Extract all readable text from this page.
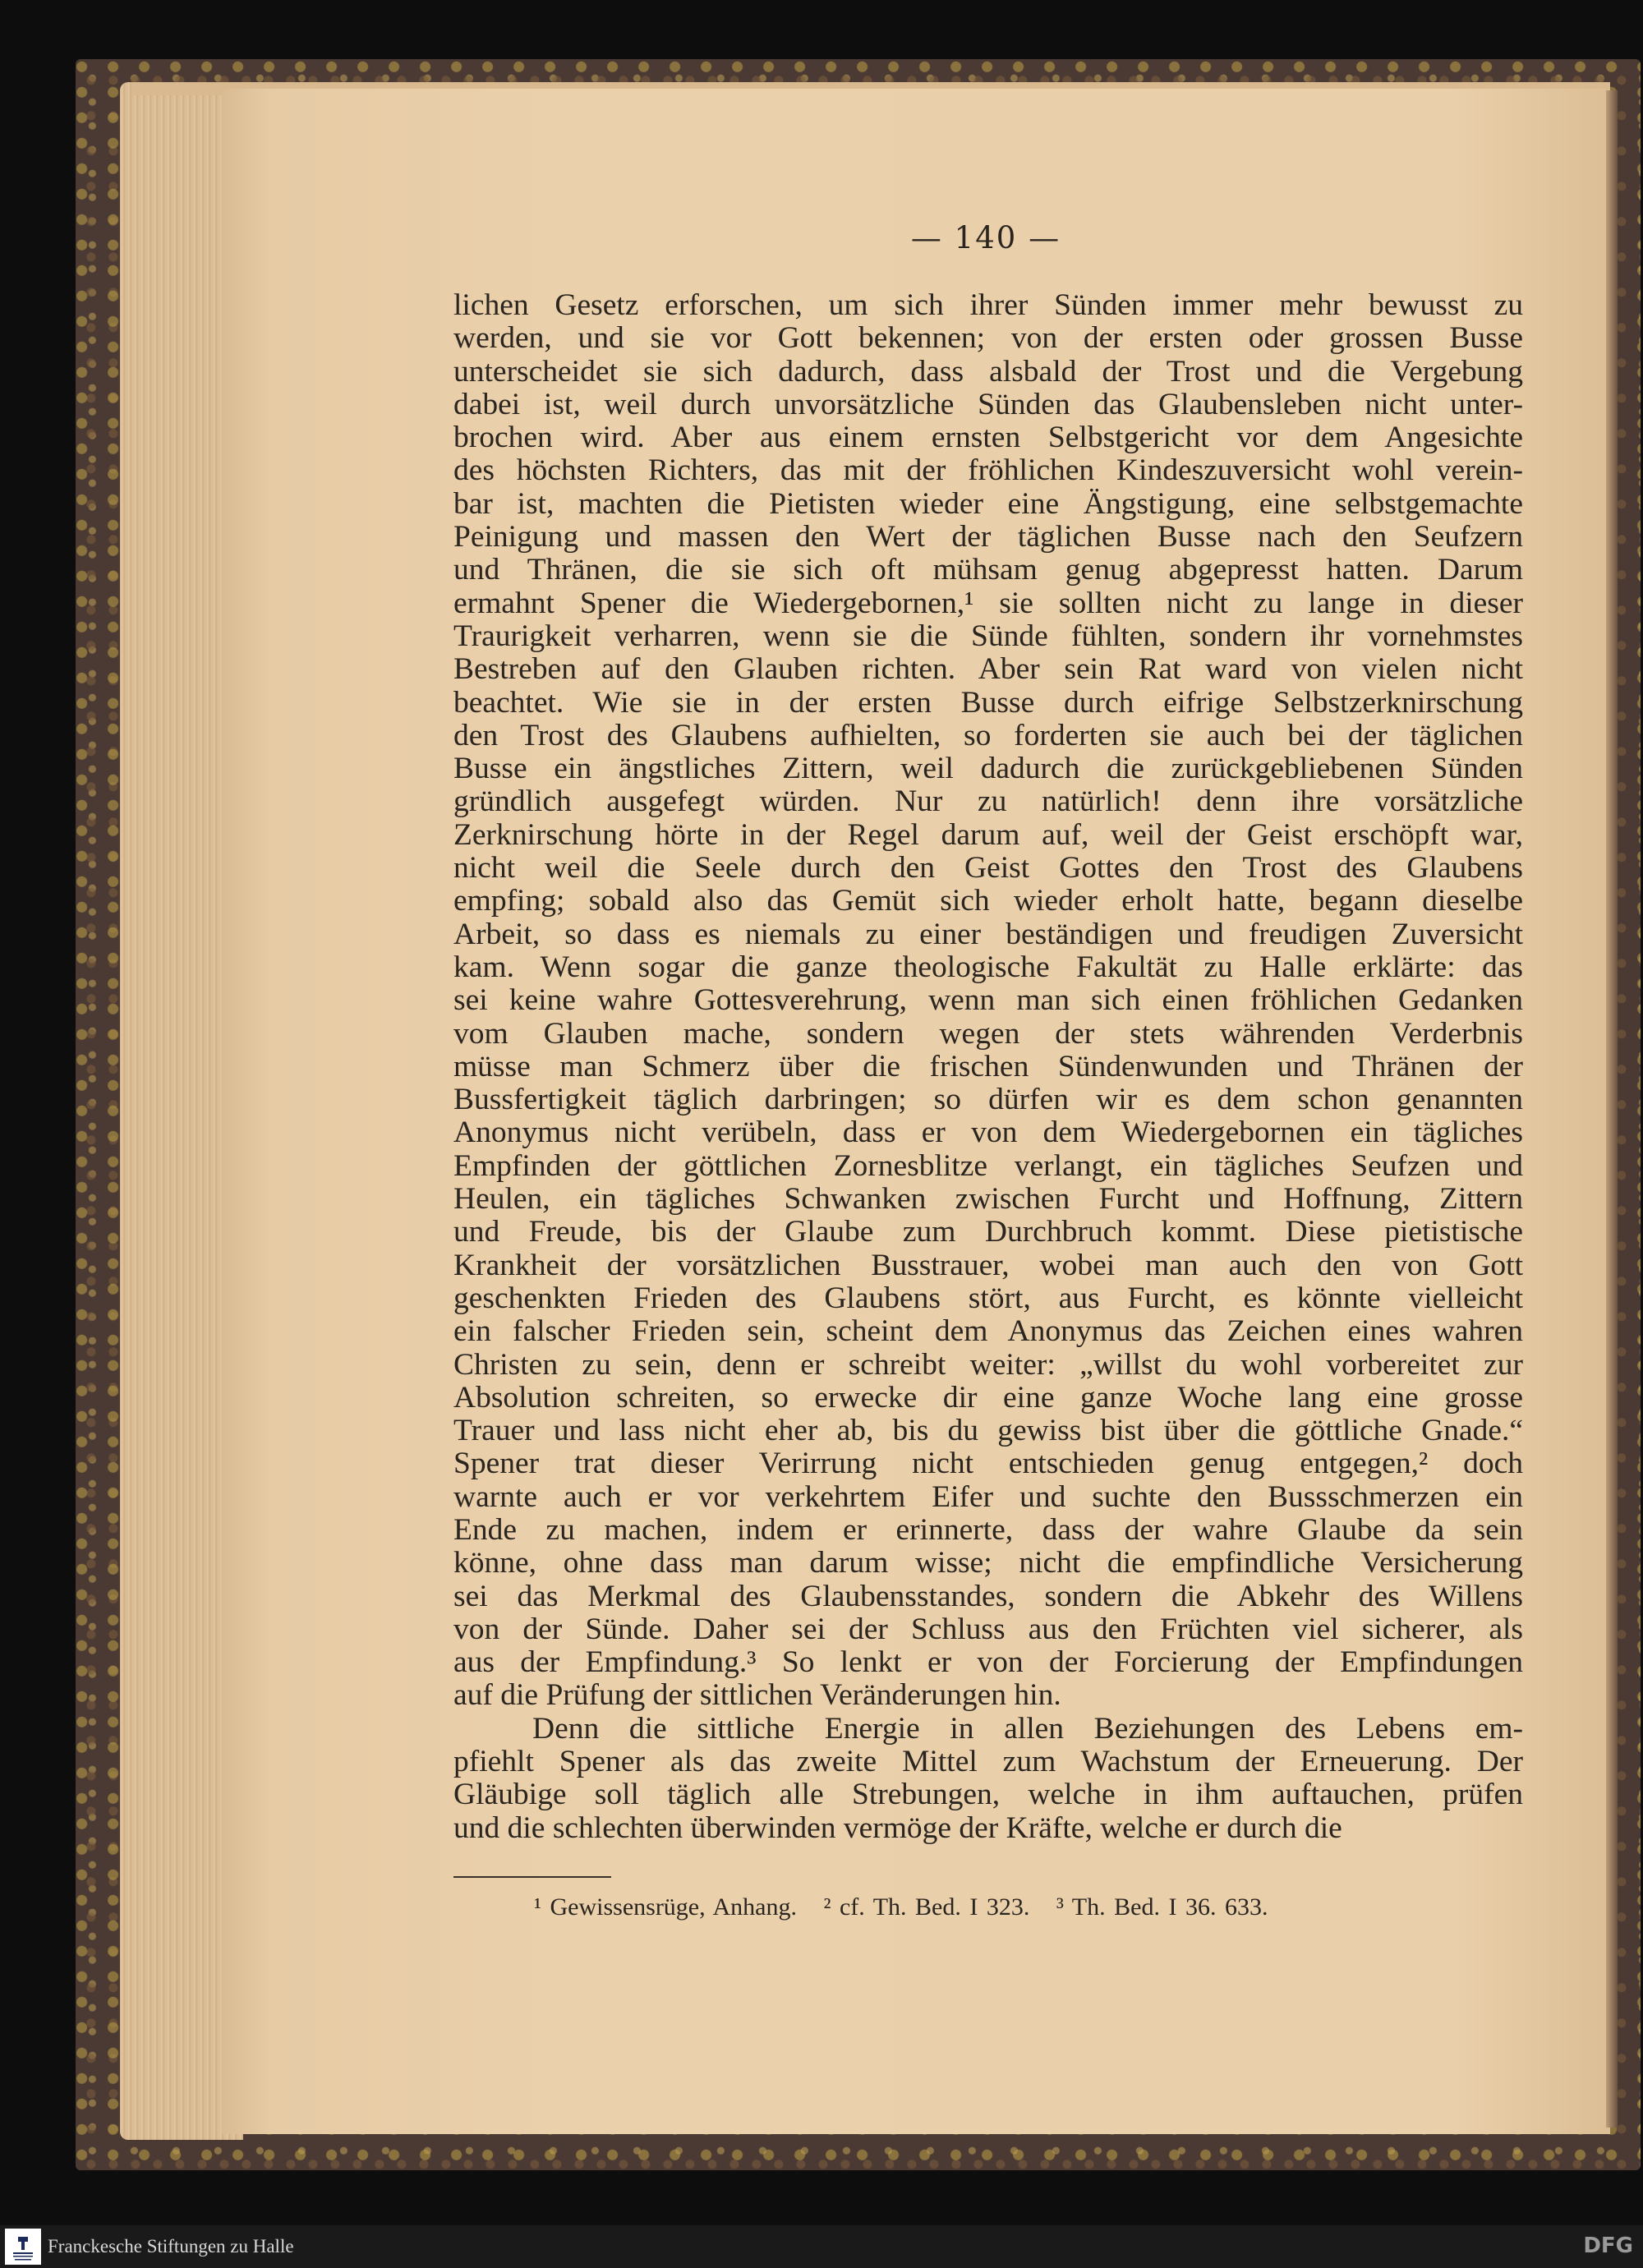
— 140 —
lichen Gesetz erforschen, um sich ihrer Sünden immer mehr bewusst zu
werden, und sie vor Gott bekennen; von der ersten oder grossen Busse
unterscheidet sie sich dadurch, dass alsbald der Trost und die Vergebung
dabei ist, weil durch unvorsätzliche Sünden das Glaubensleben nicht unter-
brochen wird. Aber aus einem ernsten Selbstgericht vor dem Angesichte
des höchsten Richters, das mit der fröhlichen Kindeszuversicht wohl verein-
bar ist, machten die Pietisten wieder eine Ängstigung, eine selbstgemachte
Peinigung und massen den Wert der täglichen Busse nach den Seufzern
und Thränen, die sie sich oft mühsam genug abgepresst hatten. Darum
ermahnt Spener die Wiedergebornen,¹ sie sollten nicht zu lange in dieser
Traurigkeit verharren, wenn sie die Sünde fühlten, sondern ihr vornehmstes
Bestreben auf den Glauben richten. Aber sein Rat ward von vielen nicht
beachtet. Wie sie in der ersten Busse durch eifrige Selbstzerknirschung
den Trost des Glaubens aufhielten, so forderten sie auch bei der täglichen
Busse ein ängstliches Zittern, weil dadurch die zurückgebliebenen Sünden
gründlich ausgefegt würden. Nur zu natürlich! denn ihre vorsätzliche
Zerknirschung hörte in der Regel darum auf, weil der Geist erschöpft war,
nicht weil die Seele durch den Geist Gottes den Trost des Glaubens
empfing; sobald also das Gemüt sich wieder erholt hatte, begann dieselbe
Arbeit, so dass es niemals zu einer beständigen und freudigen Zuversicht
kam. Wenn sogar die ganze theologische Fakultät zu Halle erklärte: das
sei keine wahre Gottesverehrung, wenn man sich einen fröhlichen Gedanken
vom Glauben mache, sondern wegen der stets währenden Verderbnis
müsse man Schmerz über die frischen Sündenwunden und Thränen der
Bussfertigkeit täglich darbringen; so dürfen wir es dem schon genannten
Anonymus nicht verübeln, dass er von dem Wiedergebornen ein tägliches
Empfinden der göttlichen Zornesblitze verlangt, ein tägliches Seufzen und
Heulen, ein tägliches Schwanken zwischen Furcht und Hoffnung, Zittern
und Freude, bis der Glaube zum Durchbruch kommt. Diese pietistische
Krankheit der vorsätzlichen Busstrauer, wobei man auch den von Gott
geschenkten Frieden des Glaubens stört, aus Furcht, es könnte vielleicht
ein falscher Frieden sein, scheint dem Anonymus das Zeichen eines wahren
Christen zu sein, denn er schreibt weiter: „willst du wohl vorbereitet zur
Absolution schreiten, so erwecke dir eine ganze Woche lang eine grosse
Trauer und lass nicht eher ab, bis du gewiss bist über die göttliche Gnade.“
Spener trat dieser Verirrung nicht entschieden genug entgegen,² doch
warnte auch er vor verkehrtem Eifer und suchte den Bussschmerzen ein
Ende zu machen, indem er erinnerte, dass der wahre Glaube da sein
könne, ohne dass man darum wisse; nicht die empfindliche Versicherung
sei das Merkmal des Glaubensstandes, sondern die Abkehr des Willens
von der Sünde. Daher sei der Schluss aus den Früchten viel sicherer, als
aus der Empfindung.³ So lenkt er von der Forcierung der Empfindungen
auf die Prüfung der sittlichen Veränderungen hin.
Denn die sittliche Energie in allen Beziehungen des Lebens em-
pfiehlt Spener als das zweite Mittel zum Wachstum der Erneuerung. Der
Gläubige soll täglich alle Strebungen, welche in ihm auftauchen, prüfen
und die schlechten überwinden vermöge der Kräfte, welche er durch die
¹ Gewissensrüge, Anhang. ² cf. Th. Bed. I 323. ³ Th. Bed. I 36. 633.
Franckesche Stiftungen zu Halle	DFG
